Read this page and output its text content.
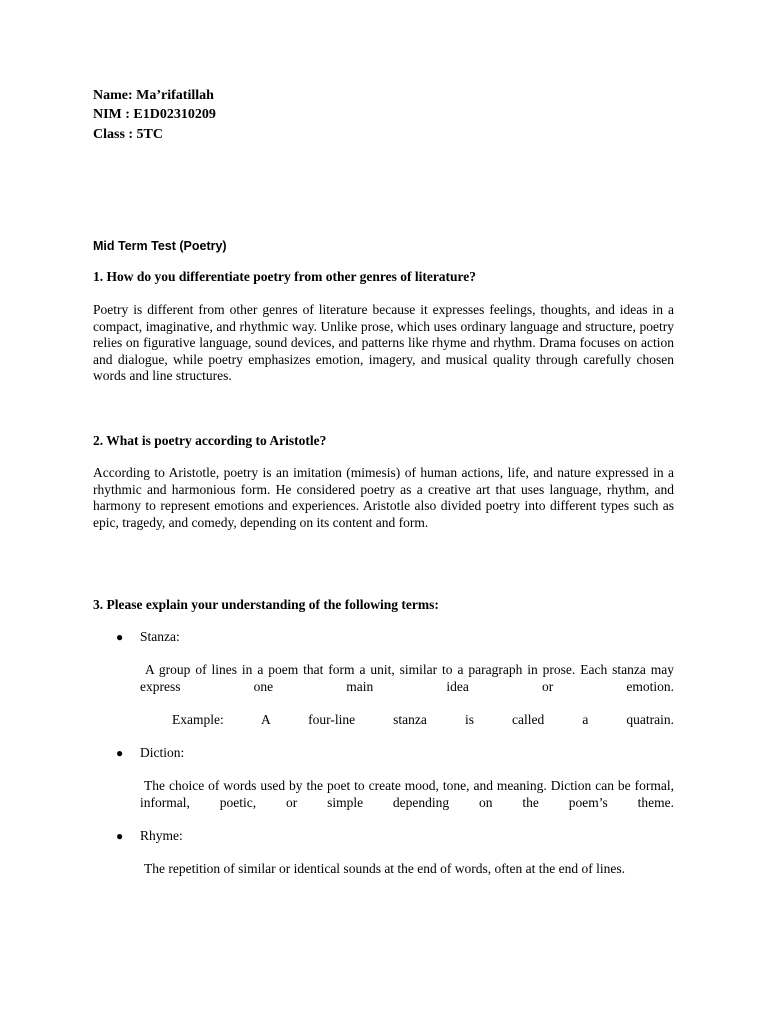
Name: Ma’rifatillah
NIM : E1D02310209
Class : 5TC
Mid Term Test (Poetry)
1. How do you differentiate poetry from other genres of literature?
Poetry is different from other genres of literature because it expresses feelings, thoughts, and ideas in a compact, imaginative, and rhythmic way. Unlike prose, which uses ordinary language and structure, poetry relies on figurative language, sound devices, and patterns like rhyme and rhythm. Drama focuses on action and dialogue, while poetry emphasizes emotion, imagery, and musical quality through carefully chosen words and line structures.
2. What is poetry according to Aristotle?
According to Aristotle, poetry is an imitation (mimesis) of human actions, life, and nature expressed in a rhythmic and harmonious form. He considered poetry as a creative art that uses language, rhythm, and harmony to represent emotions and experiences. Aristotle also divided poetry into different types such as epic, tragedy, and comedy, depending on its content and form.
3. Please explain your understanding of the following terms:
● Stanza:
A group of lines in a poem that form a unit, similar to a paragraph in prose. Each stanza may express one main idea or emotion.
Example: A four-line stanza is called a quatrain.
● Diction:
The choice of words used by the poet to create mood, tone, and meaning. Diction can be formal, informal, poetic, or simple depending on the poem’s theme.
● Rhyme:
The repetition of similar or identical sounds at the end of words, often at the end of lines.
